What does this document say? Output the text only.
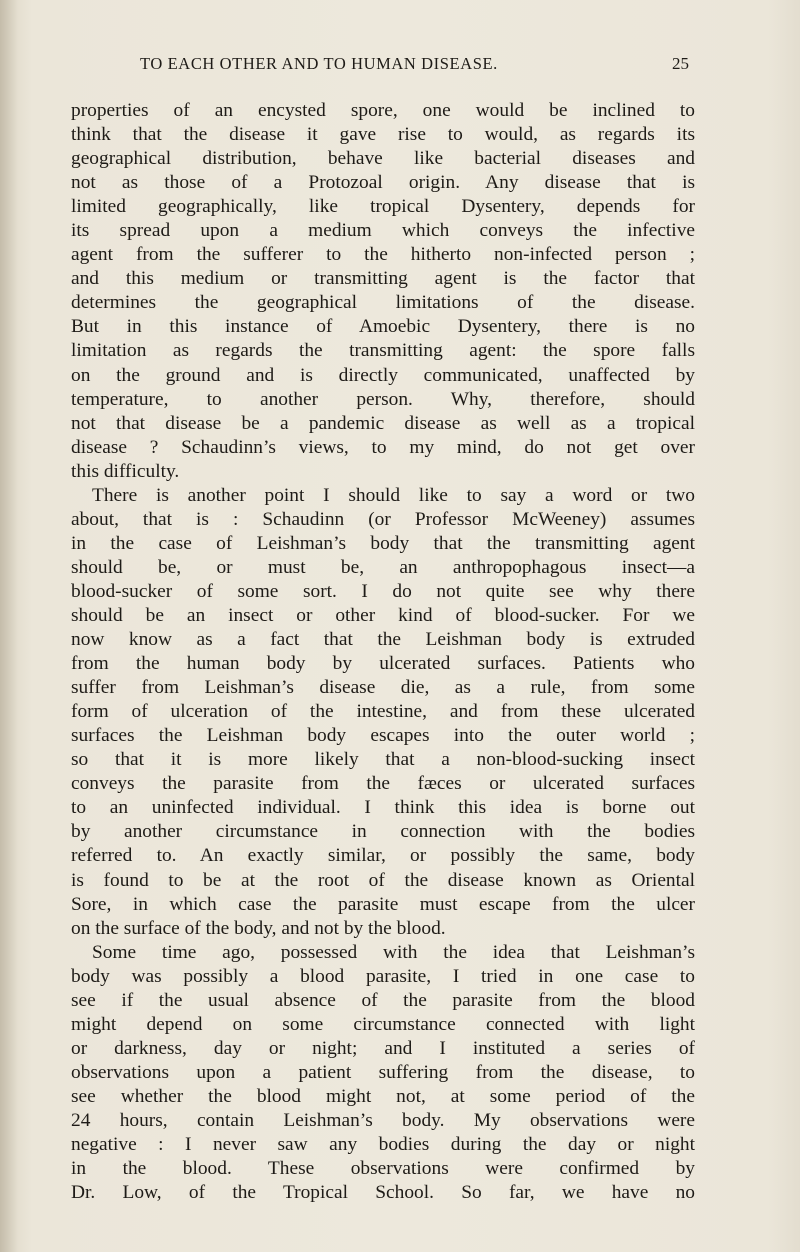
TO EACH OTHER AND TO HUMAN DISEASE.	25
properties of an encysted spore, one would be inclined to
think that the disease it gave rise to would, as regards its
geographical distribution, behave like bacterial diseases and
not as those of a Protozoal origin. Any disease that is
limited geographically, like tropical Dysentery, depends for
its spread upon a medium which conveys the infective
agent from the sufferer to the hitherto non-infected person ;
and this medium or transmitting agent is the factor that
determines the geographical limitations of the disease.
But in this instance of Amoebic Dysentery, there is no
limitation as regards the transmitting agent: the spore falls
on the ground and is directly communicated, unaffected by
temperature, to another person. Why, therefore, should
not that disease be a pandemic disease as well as a tropical
disease ? Schaudinn’s views, to my mind, do not get over
this difficulty.
There is another point I should like to say a word or two
about, that is : Schaudinn (or Professor McWeeney) assumes
in the case of Leishman’s body that the transmitting agent
should be, or must be, an anthropophagous insect—a
blood-sucker of some sort. I do not quite see why there
should be an insect or other kind of blood-sucker. For we
now know as a fact that the Leishman body is extruded
from the human body by ulcerated surfaces. Patients who
suffer from Leishman’s disease die, as a rule, from some
form of ulceration of the intestine, and from these ulcerated
surfaces the Leishman body escapes into the outer world ;
so that it is more likely that a non-blood-sucking insect
conveys the parasite from the fæces or ulcerated surfaces
to an uninfected individual. I think this idea is borne out
by another circumstance in connection with the bodies
referred to. An exactly similar, or possibly the same, body
is found to be at the root of the disease known as Oriental
Sore, in which case the parasite must escape from the ulcer
on the surface of the body, and not by the blood.
Some time ago, possessed with the idea that Leishman’s
body was possibly a blood parasite, I tried in one case to
see if the usual absence of the parasite from the blood
might depend on some circumstance connected with light
or darkness, day or night; and I instituted a series of
observations upon a patient suffering from the disease, to
see whether the blood might not, at some period of the
24 hours, contain Leishman’s body. My observations were
negative : I never saw any bodies during the day or night
in the blood. These observations were confirmed by
Dr. Low, of the Tropical School. So far, we have no
